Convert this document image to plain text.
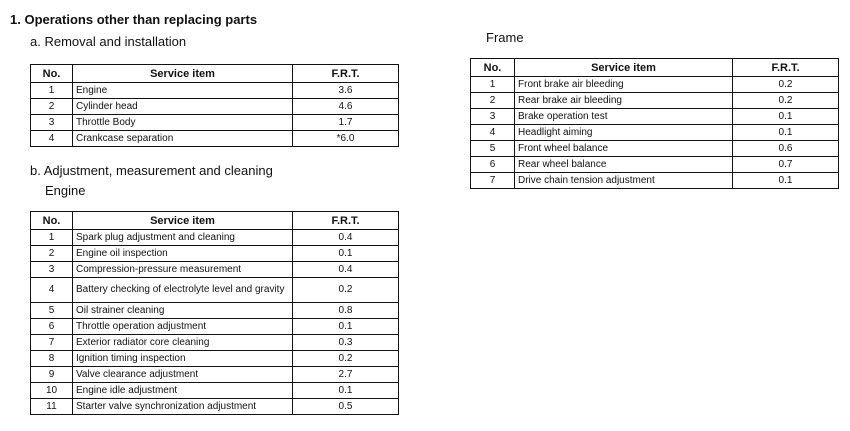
1. Operations other than replacing parts
a. Removal and installation
No.	Service item	F.R.T.
1	Engine	3.6
2	Cylinder head	4.6
3	Throttle Body	1.7
4	Crankcase separation	*6.0
b. Adjustment, measurement and cleaning
Engine
No.	Service item	F.R.T.
1	Spark plug adjustment and cleaning	0.4
2	Engine oil inspection	0.1
3	Compression-pressure measurement	0.4
4	Battery checking of electrolyte level and gravity	0.2
5	Oil strainer cleaning	0.8
6	Throttle operation adjustment	0.1
7	Exterior radiator core cleaning	0.3
8	Ignition timing inspection	0.2
9	Valve clearance adjustment	2.7
10	Engine idle adjustment	0.1
11	Starter valve synchronization adjustment	0.5
Frame
No.	Service item	F.R.T.
1	Front brake air bleeding	0.2
2	Rear brake air bleeding	0.2
3	Brake operation test	0.1
4	Headlight aiming	0.1
5	Front wheel balance	0.6
6	Rear wheel balance	0.7
7	Drive chain tension adjustment	0.1
